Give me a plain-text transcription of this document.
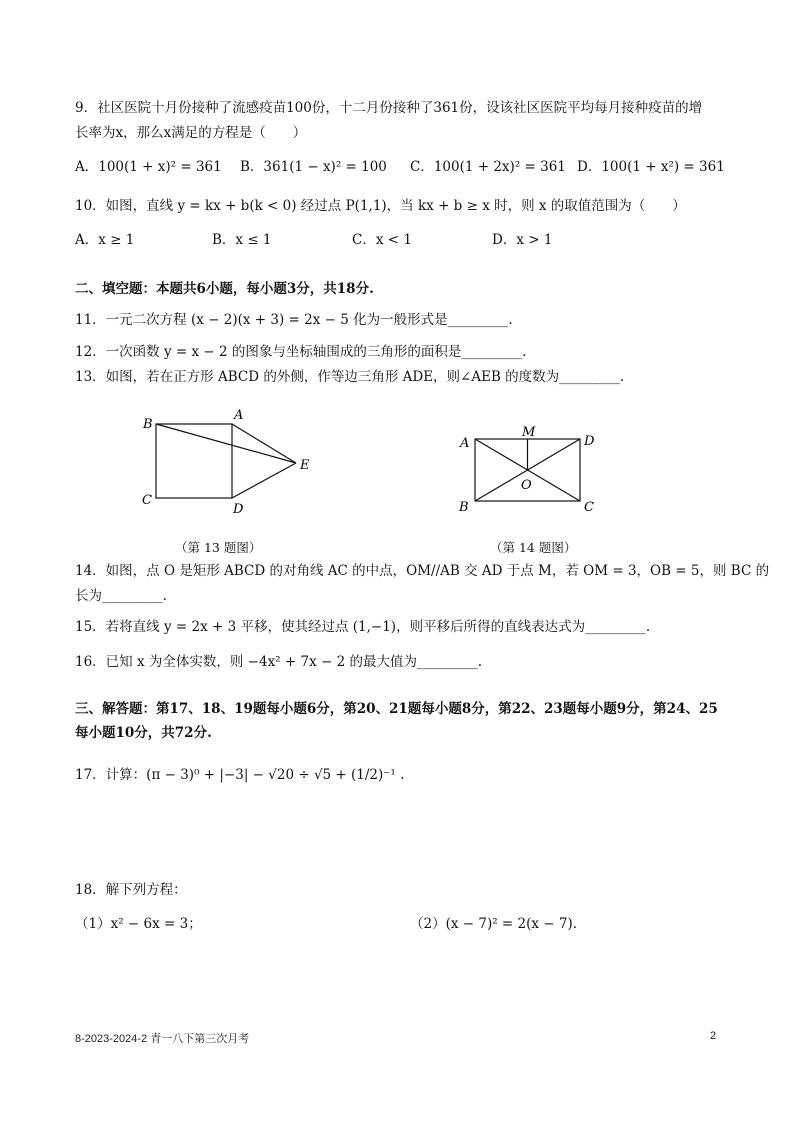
9．社区医院十月份接种了流感疫苗100份，十二月份接种了361份，设该社区医院平均每月接种疫苗的增
长率为x，那么x满足的方程是（　　）
A．100(1 + x)² = 361 B．361(1 − x)² = 100 C．100(1 + 2x)² = 361 D．100(1 + x²) = 361
10．如图，直线 y = kx + b(k < 0) 经过点 P(1,1)，当 kx + b ≥ x 时，则 x 的取值范围为（　　）
A．x ≥ 1	B．x ≤ 1	C．x < 1	D．x > 1
二、填空题：本题共6小题，每小题3分，共18分.
11．一元二次方程 (x − 2)(x + 3) = 2x − 5 化为一般形式是_________.
12．一次函数 y = x − 2 的图象与坐标轴围成的三角形的面积是_________.
13．如图，若在正方形 ABCD 的外侧，作等边三角形 ADE，则∠AEB 的度数为_________.
A
B
C
D
E
（第 13 题图）
A
M
D
O
B	C
（第 14 题图）
14．如图，点 O 是矩形 ABCD 的对角线 AC 的中点，OM//AB 交 AD 于点 M，若 OM = 3，OB = 5，则 BC 的
长为_________.
15．若将直线 y = 2x + 3 平移，使其经过点 (1,−1)，则平移后所得的直线表达式为_________.
16．已知 x 为全体实数，则 −4x² + 7x − 2 的最大值为_________.
三、解答题：第17、18、19题每小题6分，第20、21题每小题8分，第22、23题每小题9分，第24、25
每小题10分，共72分.
17．计算：(π − 3)⁰ + |−3| − √20 ÷ √5 + (1/2)⁻¹ .
18．解下列方程：
（1）x² − 6x = 3；	（2）(x − 7)² = 2(x − 7).
8-2023-2024-2 青一八下第三次月考	2
